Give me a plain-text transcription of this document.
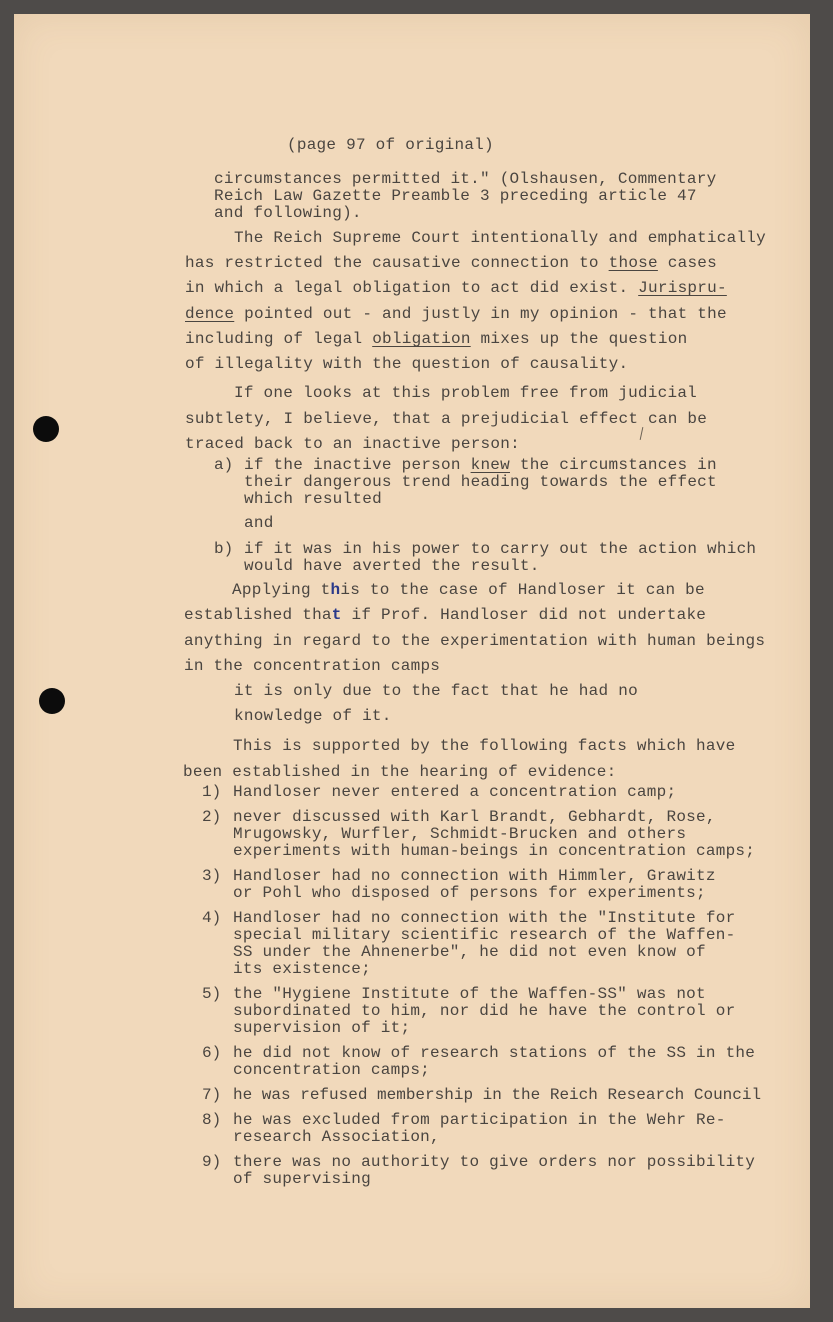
(page 97 of original)

circumstances permitted it." (Olshausen, Commentary
Reich Law Gazette Preamble 3 preceding article 47
and following).

The Reich Supreme Court intentionally and emphatically

has restricted the causative connection to those cases

in which a legal obligation to act did exist. Jurispru-

dence pointed out - and justly in my opinion - that the

including of legal obligation mixes up the question

of illegality with the question of causality.

If one looks at this problem free from judicial
subtlety, I believe, that a prejudicial effect can be
traced back to an inactive person:

a) if the inactive person knew the circumstances in

their dangerous trend heading towards the effect
which resulted

and

b) if it was in his power to carry out the action which
would have averted the result.

Applying this to the case of Handloser it can be

established that if Prof. Handloser did not undertake

anything in regard to the experimentation with human beings

in the concentration camps

it is only due to the fact that he had no

knowledge of it.

This is supported by the following facts which have
been established in the hearing of evidence:

1) Handloser never entered a concentration camp;

2) never discussed with Karl Brandt, Gebhardt, Rose,
Mrugowsky, Wurfler, Schmidt-Brucken and others
experiments with human-beings in concentration camps;

3) Handloser had no connection with Himmler, Grawitz
or Pohl who disposed of persons for experiments;

4) Handloser had no connection with the "Institute for
special military scientific research of the Waffen-
SS under the Ahnenerbe", he did not even know of
its existence;

5) the "Hygiene Institute of the Waffen-SS" was not
subordinated to him, nor did he have the control or
supervision of it;

6) he did not know of research stations of the SS in the
concentration camps;

7) he was refused membership in the Reich Research Council

8) he was excluded from participation in the Wehr Re-
research Association,

9) there was no authority to give orders nor possibility
of supervising
